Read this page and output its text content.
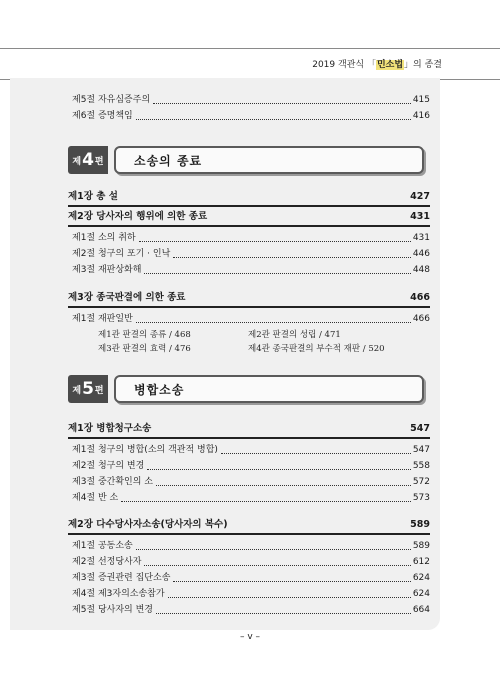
2019 객관식 「민소법」의 종결
제5절 자유심증주의	415
제6절 증명책임	416
제 4 편	소송의 종료
제1장 총 설	427
제2장 당사자의 행위에 의한 종료	431
제1절 소의 취하	431
제2절 청구의 포기 · 인낙	446
제3절 재판상화해	448
제3장 종국판결에 의한 종료	466
제1절 재판일반	466
제1관 판결의 종류 / 468	제2관 판결의 성립 / 471
제3관 판결의 효력 / 476	제4관 종국판결의 부수적 재판 / 520
제 5 편	병합소송
제1장 병합청구소송	547
제1절 청구의 병합(소의 객관적 병합)	547
제2절 청구의 변경	558
제3절 중간확인의 소	572
제4절 반 소	573
제2장 다수당사자소송(당사자의 복수)	589
제1절 공동소송	589
제2절 선정당사자	612
제3절 증권관련 집단소송	624
제4절 제3자의소송참가	624
제5절 당사자의 변경	664
– v –
